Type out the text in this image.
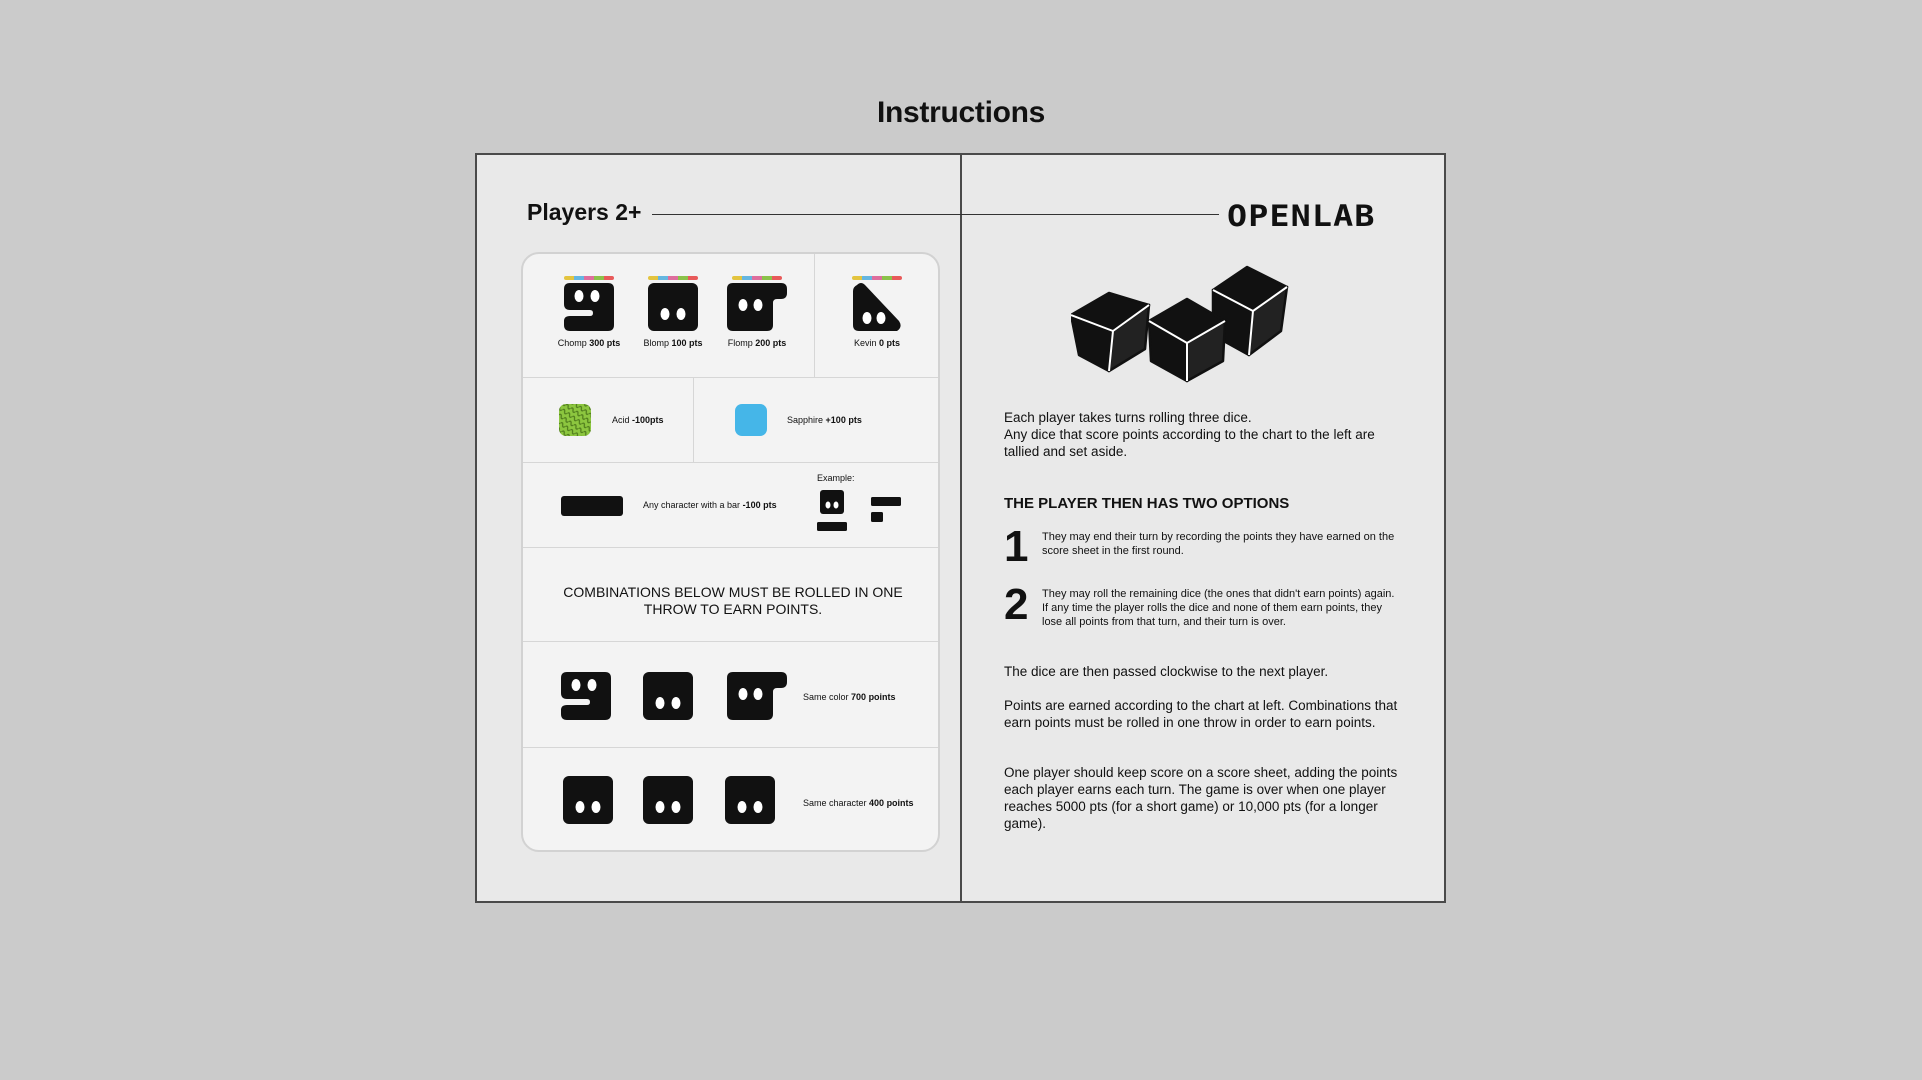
Instructions
Players 2+	OPENLAB
Chomp 300 pts	Blomp 100 pts	Flomp 200 pts	Kevin 0 pts
Acid -100pts	Sapphire +100 pts
Any character with a bar -100 pts
Example:
COMBINATIONS BELOW MUST BE ROLLED IN ONE THROW TO EARN POINTS.
Same color 700 points
Same character 400 points
Each player takes turns rolling three dice.
Any dice that score points according to the chart to the left are tallied and set aside.
THE PLAYER THEN HAS TWO OPTIONS
1 They may end their turn by recording the points they have earned on the score sheet in the first round.
2 They may roll the remaining dice (the ones that didn't earn points) again. If any time the player rolls the dice and none of them earn points, they lose all points from that turn, and their turn is over.
The dice are then passed clockwise to the next player.
Points are earned according to the chart at left. Combinations that earn points must be rolled in one throw in order to earn points.
One player should keep score on a score sheet, adding the points each player earns each turn. The game is over when one player reaches 5000 pts (for a short game) or 10,000 pts (for a longer game).
